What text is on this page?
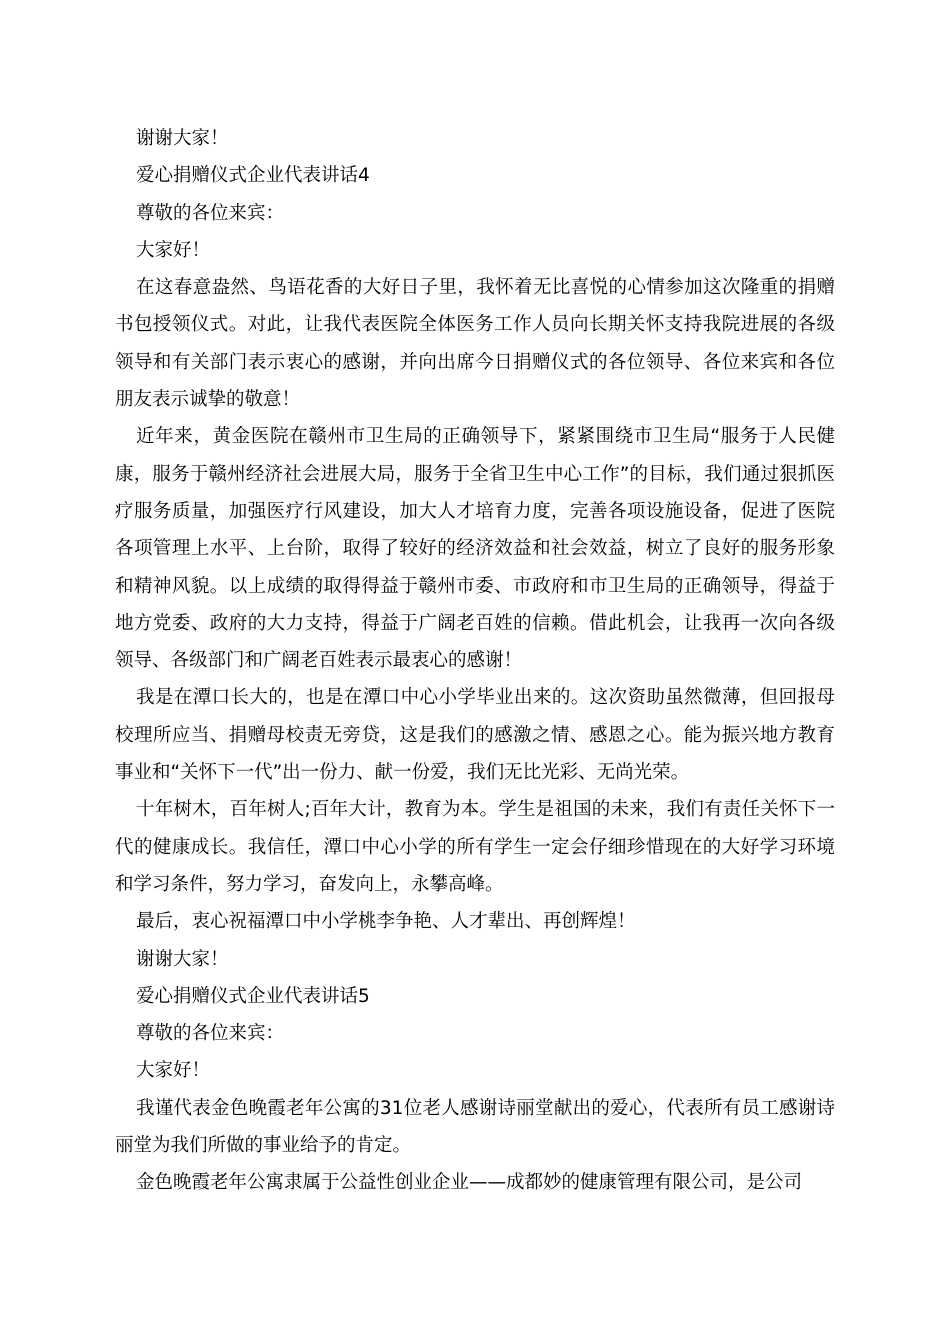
谢谢大家！

爱心捐赠仪式企业代表讲话4

尊敬的各位来宾：

大家好！

在这春意盎然、鸟语花香的大好日子里，我怀着无比喜悦的心情参加这次隆重的捐赠书包授领仪式。对此，让我代表医院全体医务工作人员向长期关怀支持我院进展的各级领导和有关部门表示衷心的感谢，并向出席今日捐赠仪式的各位领导、各位来宾和各位朋友表示诚挚的敬意！

近年来，黄金医院在赣州市卫生局的正确领导下，紧紧围绕市卫生局“服务于人民健康，服务于赣州经济社会进展大局，服务于全省卫生中心工作”的目标，我们通过狠抓医疗服务质量，加强医疗行风建设，加大人才培育力度，完善各项设施设备，促进了医院各项管理上水平、上台阶，取得了较好的经济效益和社会效益，树立了良好的服务形象和精神风貌。以上成绩的取得得益于赣州市委、市政府和市卫生局的正确领导，得益于地方党委、政府的大力支持，得益于广阔老百姓的信赖。借此机会，让我再一次向各级领导、各级部门和广阔老百姓表示最衷心的感谢！

我是在潭口长大的，也是在潭口中心小学毕业出来的。这次资助虽然微薄，但回报母校理所应当、捐赠母校责无旁贷，这是我们的感激之情、感恩之心。能为振兴地方教育事业和“关怀下一代”出一份力、献一份爱，我们无比光彩、无尚光荣。

十年树木，百年树人;百年大计，教育为本。学生是祖国的未来，我们有责任关怀下一代的健康成长。我信任，潭口中心小学的所有学生一定会仔细珍惜现在的大好学习环境和学习条件，努力学习，奋发向上，永攀高峰。

最后，衷心祝福潭口中小学桃李争艳、人才辈出、再创辉煌！

谢谢大家！

爱心捐赠仪式企业代表讲话5

尊敬的各位来宾：

大家好！

我谨代表金色晚霞老年公寓的31位老人感谢诗丽堂献出的爱心，代表所有员工感谢诗丽堂为我们所做的事业给予的肯定。

金色晚霞老年公寓隶属于公益性创业企业——成都妙的健康管理有限公司，是公司
